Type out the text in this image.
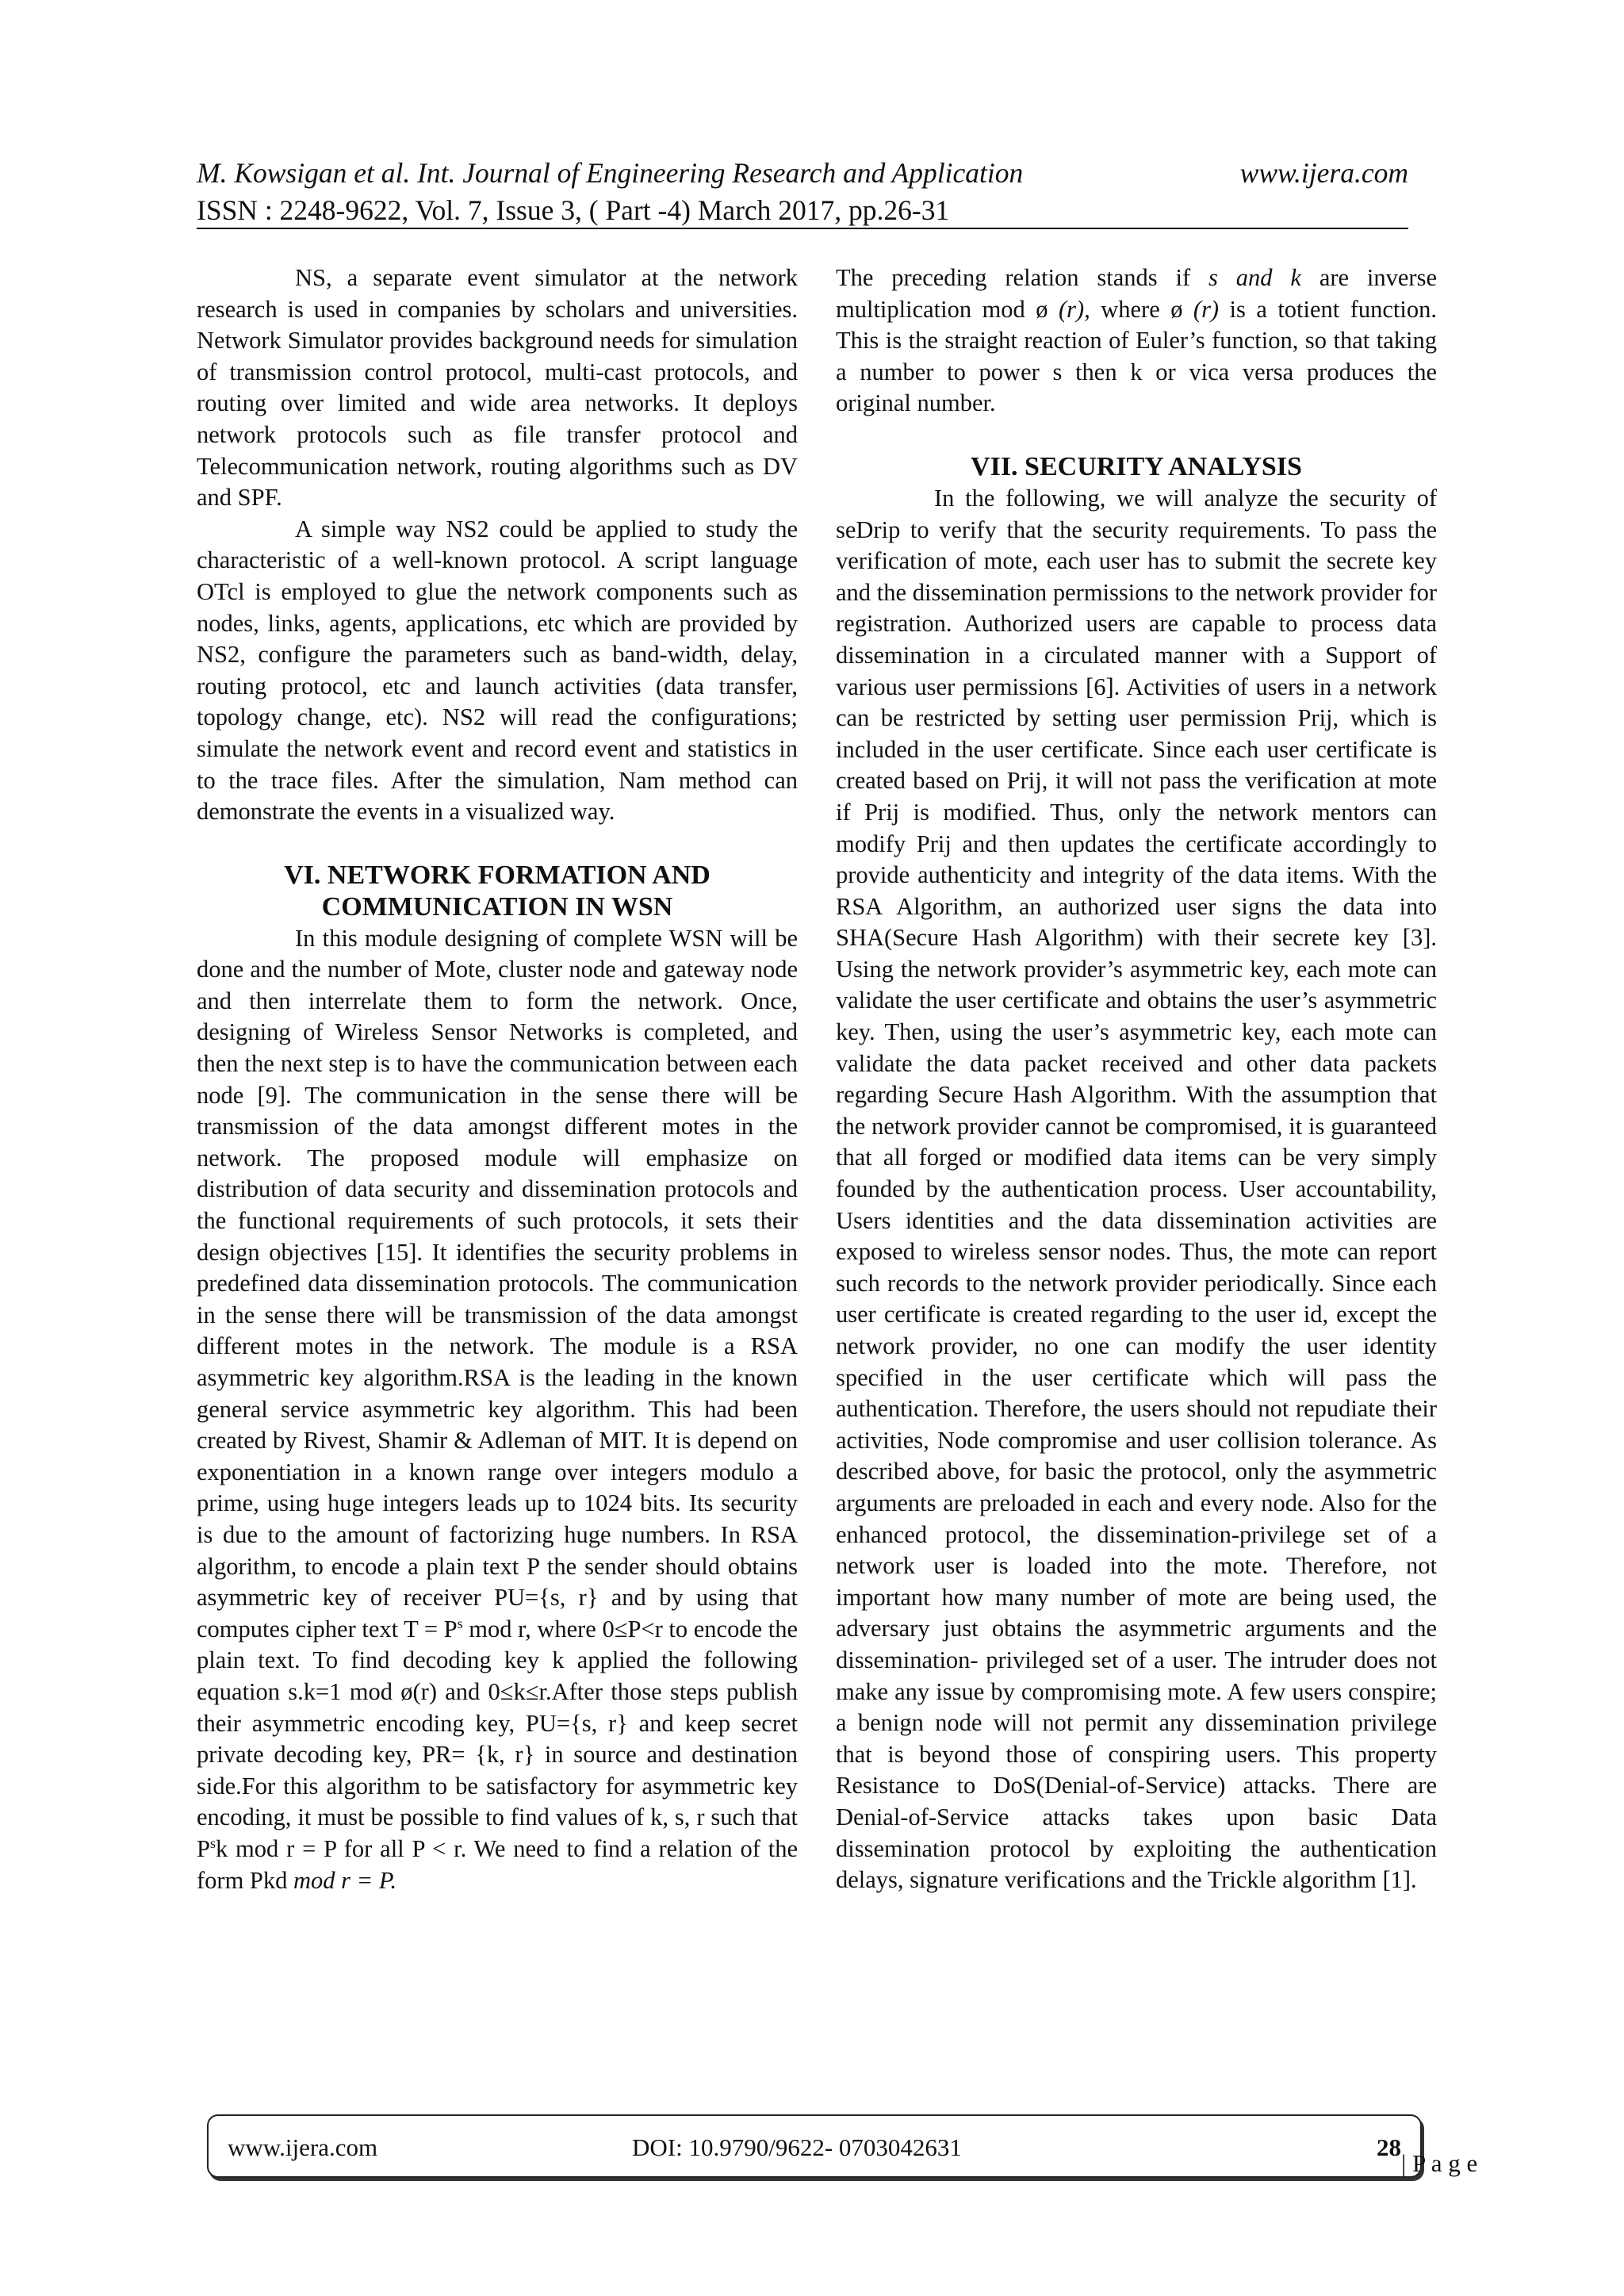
M. Kowsigan et al. Int. Journal of Engineering Research and Application	www.ijera.com
ISSN : 2248-9622, Vol. 7, Issue 3, ( Part -4) March 2017, pp.26-31

NS, a separate event simulator at the network research is used in companies by scholars and universities. Network Simulator provides background needs for simulation of transmission control protocol, multi-cast protocols, and routing over limited and wide area networks. It deploys network protocols such as file transfer protocol and Telecommunication network, routing algorithms such as DV and SPF.

A simple way NS2 could be applied to study the characteristic of a well-known protocol. A script language OTcl is employed to glue the network components such as nodes, links, agents, applications, etc which are provided by NS2, configure the parameters such as band-width, delay, routing protocol, etc and launch activities (data transfer, topology change, etc). NS2 will read the configurations; simulate the network event and record event and statistics in to the trace files. After the simulation, Nam method can demonstrate the events in a visualized way.

VI. NETWORK FORMATION AND
COMMUNICATION IN WSN

In this module designing of complete WSN will be done and the number of Mote, cluster node and gateway node and then interrelate them to form the network. Once, designing of Wireless Sensor Networks is completed, and then the next step is to have the communication between each node [9]. The communication in the sense there will be transmission of the data amongst different motes in the network. The proposed module will emphasize on distribution of data security and dissemination protocols and the functional requirements of such protocols, it sets their design objectives [15]. It identifies the security problems in predefined data dissemination protocols. The communication in the sense there will be transmission of the data amongst different motes in the network. The module is a RSA asymmetric key algorithm.RSA is the leading in the known general service asymmetric key algorithm. This had been created by Rivest, Shamir & Adleman of MIT. It is depend on exponentiation in a known range over integers modulo a prime, using huge integers leads up to 1024 bits. Its security is due to the amount of factorizing huge numbers. In RSA algorithm, to encode a plain text P the sender should obtains asymmetric key of receiver PU={s, r} and by using that computes cipher text $T = P^s$ mod r, where 0≤P<r to encode the plain text. To find decoding key k applied the following equation s.k=1 mod ø(r) and 0≤k≤r.After those steps publish their asymmetric encoding key, PU={s, r} and keep secret private decoding key, PR= {k, r} in source and destination side.For this algorithm to be satisfactory for asymmetric key encoding, it must be possible to find values of k, s, r such that $P^sk$ mod r = P for all P < r. We need to find a relation of the form Pkd mod r = P.

The preceding relation stands if s and k are inverse multiplication mod ø (r), where ø (r) is a totient function. This is the straight reaction of Euler’s function, so that taking a number to power s then k or vica versa produces the original number.

VII. SECURITY ANALYSIS

In the following, we will analyze the security of seDrip to verify that the security requirements. To pass the verification of mote, each user has to submit the secrete key and the dissemination permissions to the network provider for registration. Authorized users are capable to process data dissemination in a circulated manner with a Support of various user permissions [6]. Activities of users in a network can be restricted by setting user permission Prij, which is included in the user certificate. Since each user certificate is created based on Prij, it will not pass the verification at mote if Prij is modified. Thus, only the network mentors can modify Prij and then updates the certificate accordingly to provide authenticity and integrity of the data items. With the RSA Algorithm, an authorized user signs the data into SHA(Secure Hash Algorithm) with their secrete key [3]. Using the network provider’s asymmetric key, each mote can validate the user certificate and obtains the user’s asymmetric key. Then, using the user’s asymmetric key, each mote can validate the data packet received and other data packets regarding Secure Hash Algorithm. With the assumption that the network provider cannot be compromised, it is guaranteed that all forged or modified data items can be very simply founded by the authentication process. User accountability, Users identities and the data dissemination activities are exposed to wireless sensor nodes. Thus, the mote can report such records to the network provider periodically. Since each user certificate is created regarding to the user id, except the network provider, no one can modify the user identity specified in the user certificate which will pass the authentication. Therefore, the users should not repudiate their activities, Node compromise and user collision tolerance. As described above, for basic the protocol, only the asymmetric arguments are preloaded in each and every node. Also for the enhanced protocol, the dissemination-privilege set of a network user is loaded into the mote. Therefore, not important how many number of mote are being used, the adversary just obtains the asymmetric arguments and the dissemination- privileged set of a user. The intruder does not make any issue by compromising mote. A few users conspire; a benign node will not permit any dissemination privilege that is beyond those of conspiring users. This property Resistance to DoS(Denial-of-Service) attacks. There are Denial-of-Service attacks takes upon basic Data dissemination protocol by exploiting the authentication delays, signature verifications and the Trickle algorithm [1].

www.ijera.com	DOI: 10.9790/9622- 0703042631	28
| P a g e
